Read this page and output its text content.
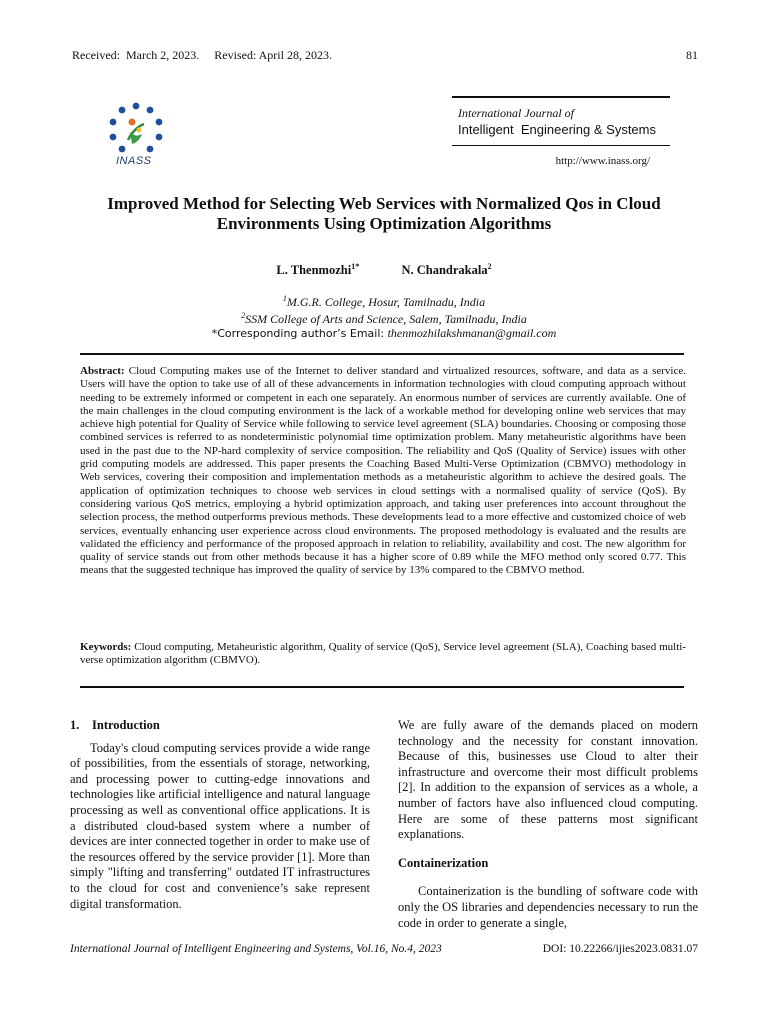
Received:  March 2, 2023.     Revised: April 28, 2023.	81
INASS
International Journal of
Intelligent  Engineering & Systems
http://www.inass.org/
Improved Method for Selecting Web Services with Normalized Qos in Cloud Environments Using Optimization Algorithms
L. Thenmozhi$^{1*}$	N. Chandrakala$^2$
$^1$M.G.R. College, Hosur, Tamilnadu, India
$^2$SSM College of Arts and Science, Salem, Tamilnadu, India
*Corresponding author’s Email: thenmozhilakshmanan@gmail.com
Abstract: Cloud Computing makes use of the Internet to deliver standard and virtualized resources, software, and data as a service. Users will have the option to take use of all of these advancements in information technologies with cloud computing approach without needing to be extremely informed or competent in each one separately. An enormous number of services are currently available. One of the main challenges in the cloud computing environment is the lack of a workable method for developing online web services that may achieve high potential for Quality of Service while following to service level agreement (SLA) boundaries. Choosing or composing those combined services is referred to as nondeterministic polynomial time optimization problem. Many metaheuristic algorithms have been used in the past due to the NP-hard complexity of service composition. The reliability and QoS (Quality of Service) issues with other grid computing models are addressed. This paper presents the Coaching Based Multi-Verse Optimization (CBMVO) methodology in Web services, covering their composition and implementation methods as a metaheuristic algorithm to achieve the desired goals. The application of optimization techniques to choose web services in cloud settings with a normalised quality of service (QoS). By considering various QoS metrics, employing a hybrid optimization approach, and taking user preferences into account throughout the selection process, the method outperforms previous methods. These developments lead to a more effective and customized choice of web services, eventually enhancing user experience across cloud environments. The proposed methodology is evaluated and the results are validated the efficiency and performance of the proposed approach in relation to reliability, availability and cost. The new algorithm for quality of service stands out from other methods because it has a higher score of 0.89 while the MFO method only scored 0.77. This means that the suggested technique has improved the quality of service by 13% compared to the CBMVO method.
Keywords: Cloud computing, Metaheuristic algorithm, Quality of service (QoS), Service level agreement (SLA), Coaching based multi-verse optimization algorithm (CBMVO).
1. Introduction

Today's cloud computing services provide a wide range of possibilities, from the essentials of storage, networking, and processing power to cutting-edge innovations and technologies like artificial intelligence and natural language processing as well as conventional office applications. It is a distributed cloud-based system where a number of devices are inter connected together in order to make use of the resources offered by the service provider [1]. More than simply "lifting and transferring" outdated IT infrastructures to the cloud for cost and convenience’s sake represent digital transformation.

We are fully aware of the demands placed on modern technology and the necessity for constant innovation. Because of this, businesses use Cloud to alter their infrastructure and overcome their most difficult problems [2]. In addition to the expansion of services as a whole, a number of factors have also influenced cloud computing. Here are some of these patterns most significant explanations.

Containerization

Containerization is the bundling of software code with only the OS libraries and dependencies necessary to run the code in order to generate a single,

International Journal of Intelligent Engineering and Systems, Vol.16, No.4, 2023	DOI: 10.22266/ijies2023.0831.07
